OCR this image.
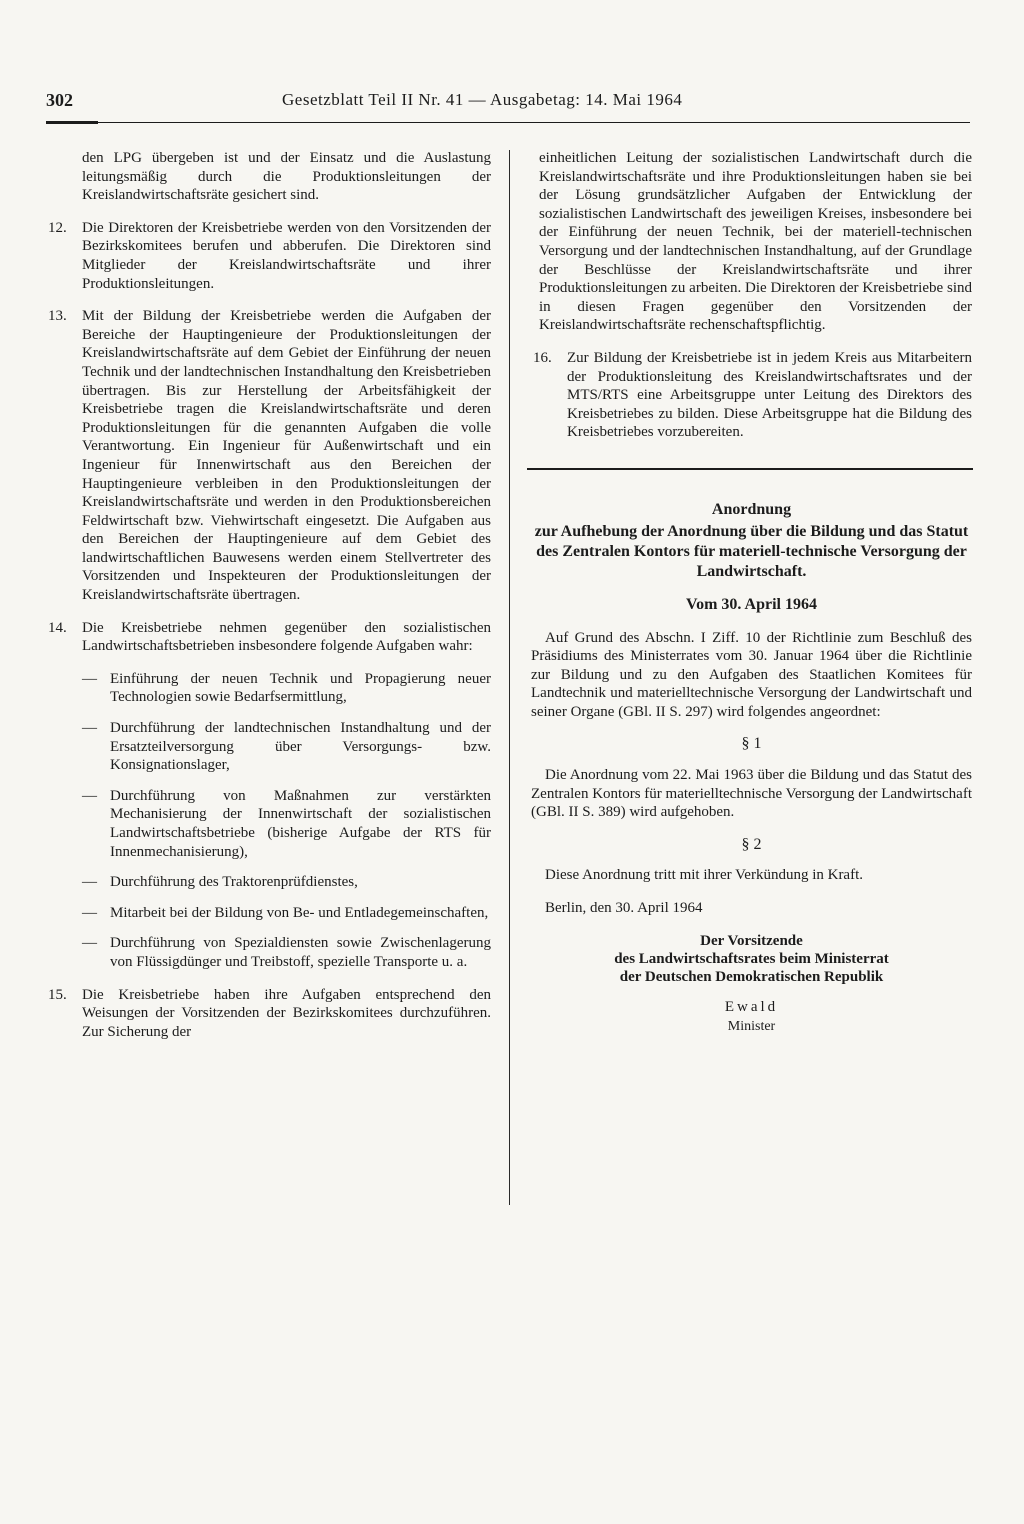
302	Gesetzblatt Teil II Nr. 41 — Ausgabetag: 14. Mai 1964
den LPG übergeben ist und der Einsatz und die Auslastung leitungsmäßig durch die Produktionsleitungen der Kreislandwirtschaftsräte gesichert sind.
12. Die Direktoren der Kreisbetriebe werden von den Vorsitzenden der Bezirkskomitees berufen und abberufen. Die Direktoren sind Mitglieder der Kreislandwirtschaftsräte und ihrer Produktionsleitungen.
13. Mit der Bildung der Kreisbetriebe werden die Aufgaben der Bereiche der Hauptingenieure der Produktionsleitungen der Kreislandwirtschaftsräte auf dem Gebiet der Einführung der neuen Technik und der landtechnischen Instandhaltung den Kreisbetrieben übertragen. Bis zur Herstellung der Arbeitsfähigkeit der Kreisbetriebe tragen die Kreislandwirtschaftsräte und deren Produktionsleitungen für die genannten Aufgaben die volle Verantwortung. Ein Ingenieur für Außenwirtschaft und ein Ingenieur für Innenwirtschaft aus den Bereichen der Hauptingenieure verbleiben in den Produktionsleitungen der Kreislandwirtschaftsräte und werden in den Produktionsbereichen Feldwirtschaft bzw. Viehwirtschaft eingesetzt. Die Aufgaben aus den Bereichen der Hauptingenieure auf dem Gebiet des landwirtschaftlichen Bauwesens werden einem Stellvertreter des Vorsitzenden und Inspekteuren der Produktionsleitungen der Kreislandwirtschaftsräte übertragen.
14. Die Kreisbetriebe nehmen gegenüber den sozialistischen Landwirtschaftsbetrieben insbesondere folgende Aufgaben wahr:
— Einführung der neuen Technik und Propagierung neuer Technologien sowie Bedarfsermittlung,
— Durchführung der landtechnischen Instandhaltung und der Ersatzteilversorgung über Versorgungs- bzw. Konsignationslager,
— Durchführung von Maßnahmen zur verstärkten Mechanisierung der Innenwirtschaft der sozialistischen Landwirtschaftsbetriebe (bisherige Aufgabe der RTS für Innenmechanisierung),
— Durchführung des Traktorenprüfdienstes,
— Mitarbeit bei der Bildung von Be- und Entladegemeinschaften,
— Durchführung von Spezialdiensten sowie Zwischenlagerung von Flüssigdünger und Treibstoff, spezielle Transporte u. a.
15. Die Kreisbetriebe haben ihre Aufgaben entsprechend den Weisungen der Vorsitzenden der Bezirkskomitees durchzuführen. Zur Sicherung der
einheitlichen Leitung der sozialistischen Landwirtschaft durch die Kreislandwirtschaftsräte und ihre Produktionsleitungen haben sie bei der Lösung grundsätzlicher Aufgaben der Entwicklung der sozialistischen Landwirtschaft des jeweiligen Kreises, insbesondere bei der Einführung der neuen Technik, bei der materiell-technischen Versorgung und der landtechnischen Instandhaltung, auf der Grundlage der Beschlüsse der Kreislandwirtschaftsräte und ihrer Produktionsleitungen zu arbeiten. Die Direktoren der Kreisbetriebe sind in diesen Fragen gegenüber den Vorsitzenden der Kreislandwirtschaftsräte rechenschaftspflichtig.
16. Zur Bildung der Kreisbetriebe ist in jedem Kreis aus Mitarbeitern der Produktionsleitung des Kreislandwirtschaftsrates und der MTS/RTS eine Arbeitsgruppe unter Leitung des Direktors des Kreisbetriebes zu bilden. Diese Arbeitsgruppe hat die Bildung des Kreisbetriebes vorzubereiten.
Anordnung
zur Aufhebung der Anordnung über die Bildung und das Statut des Zentralen Kontors für materiell-technische Versorgung der Landwirtschaft.
Vom 30. April 1964
Auf Grund des Abschn. I Ziff. 10 der Richtlinie zum Beschluß des Präsidiums des Ministerrates vom 30. Januar 1964 über die Richtlinie zur Bildung und zu den Aufgaben des Staatlichen Komitees für Landtechnik und materielltechnische Versorgung der Landwirtschaft und seiner Organe (GBl. II S. 297) wird folgendes angeordnet:
§ 1
Die Anordnung vom 22. Mai 1963 über die Bildung und das Statut des Zentralen Kontors für materielltechnische Versorgung der Landwirtschaft (GBl. II S. 389) wird aufgehoben.
§ 2
Diese Anordnung tritt mit ihrer Verkündung in Kraft.
Berlin, den 30. April 1964
Der Vorsitzende
des Landwirtschaftsrates beim Ministerrat
der Deutschen Demokratischen Republik

Ewald

Minister
